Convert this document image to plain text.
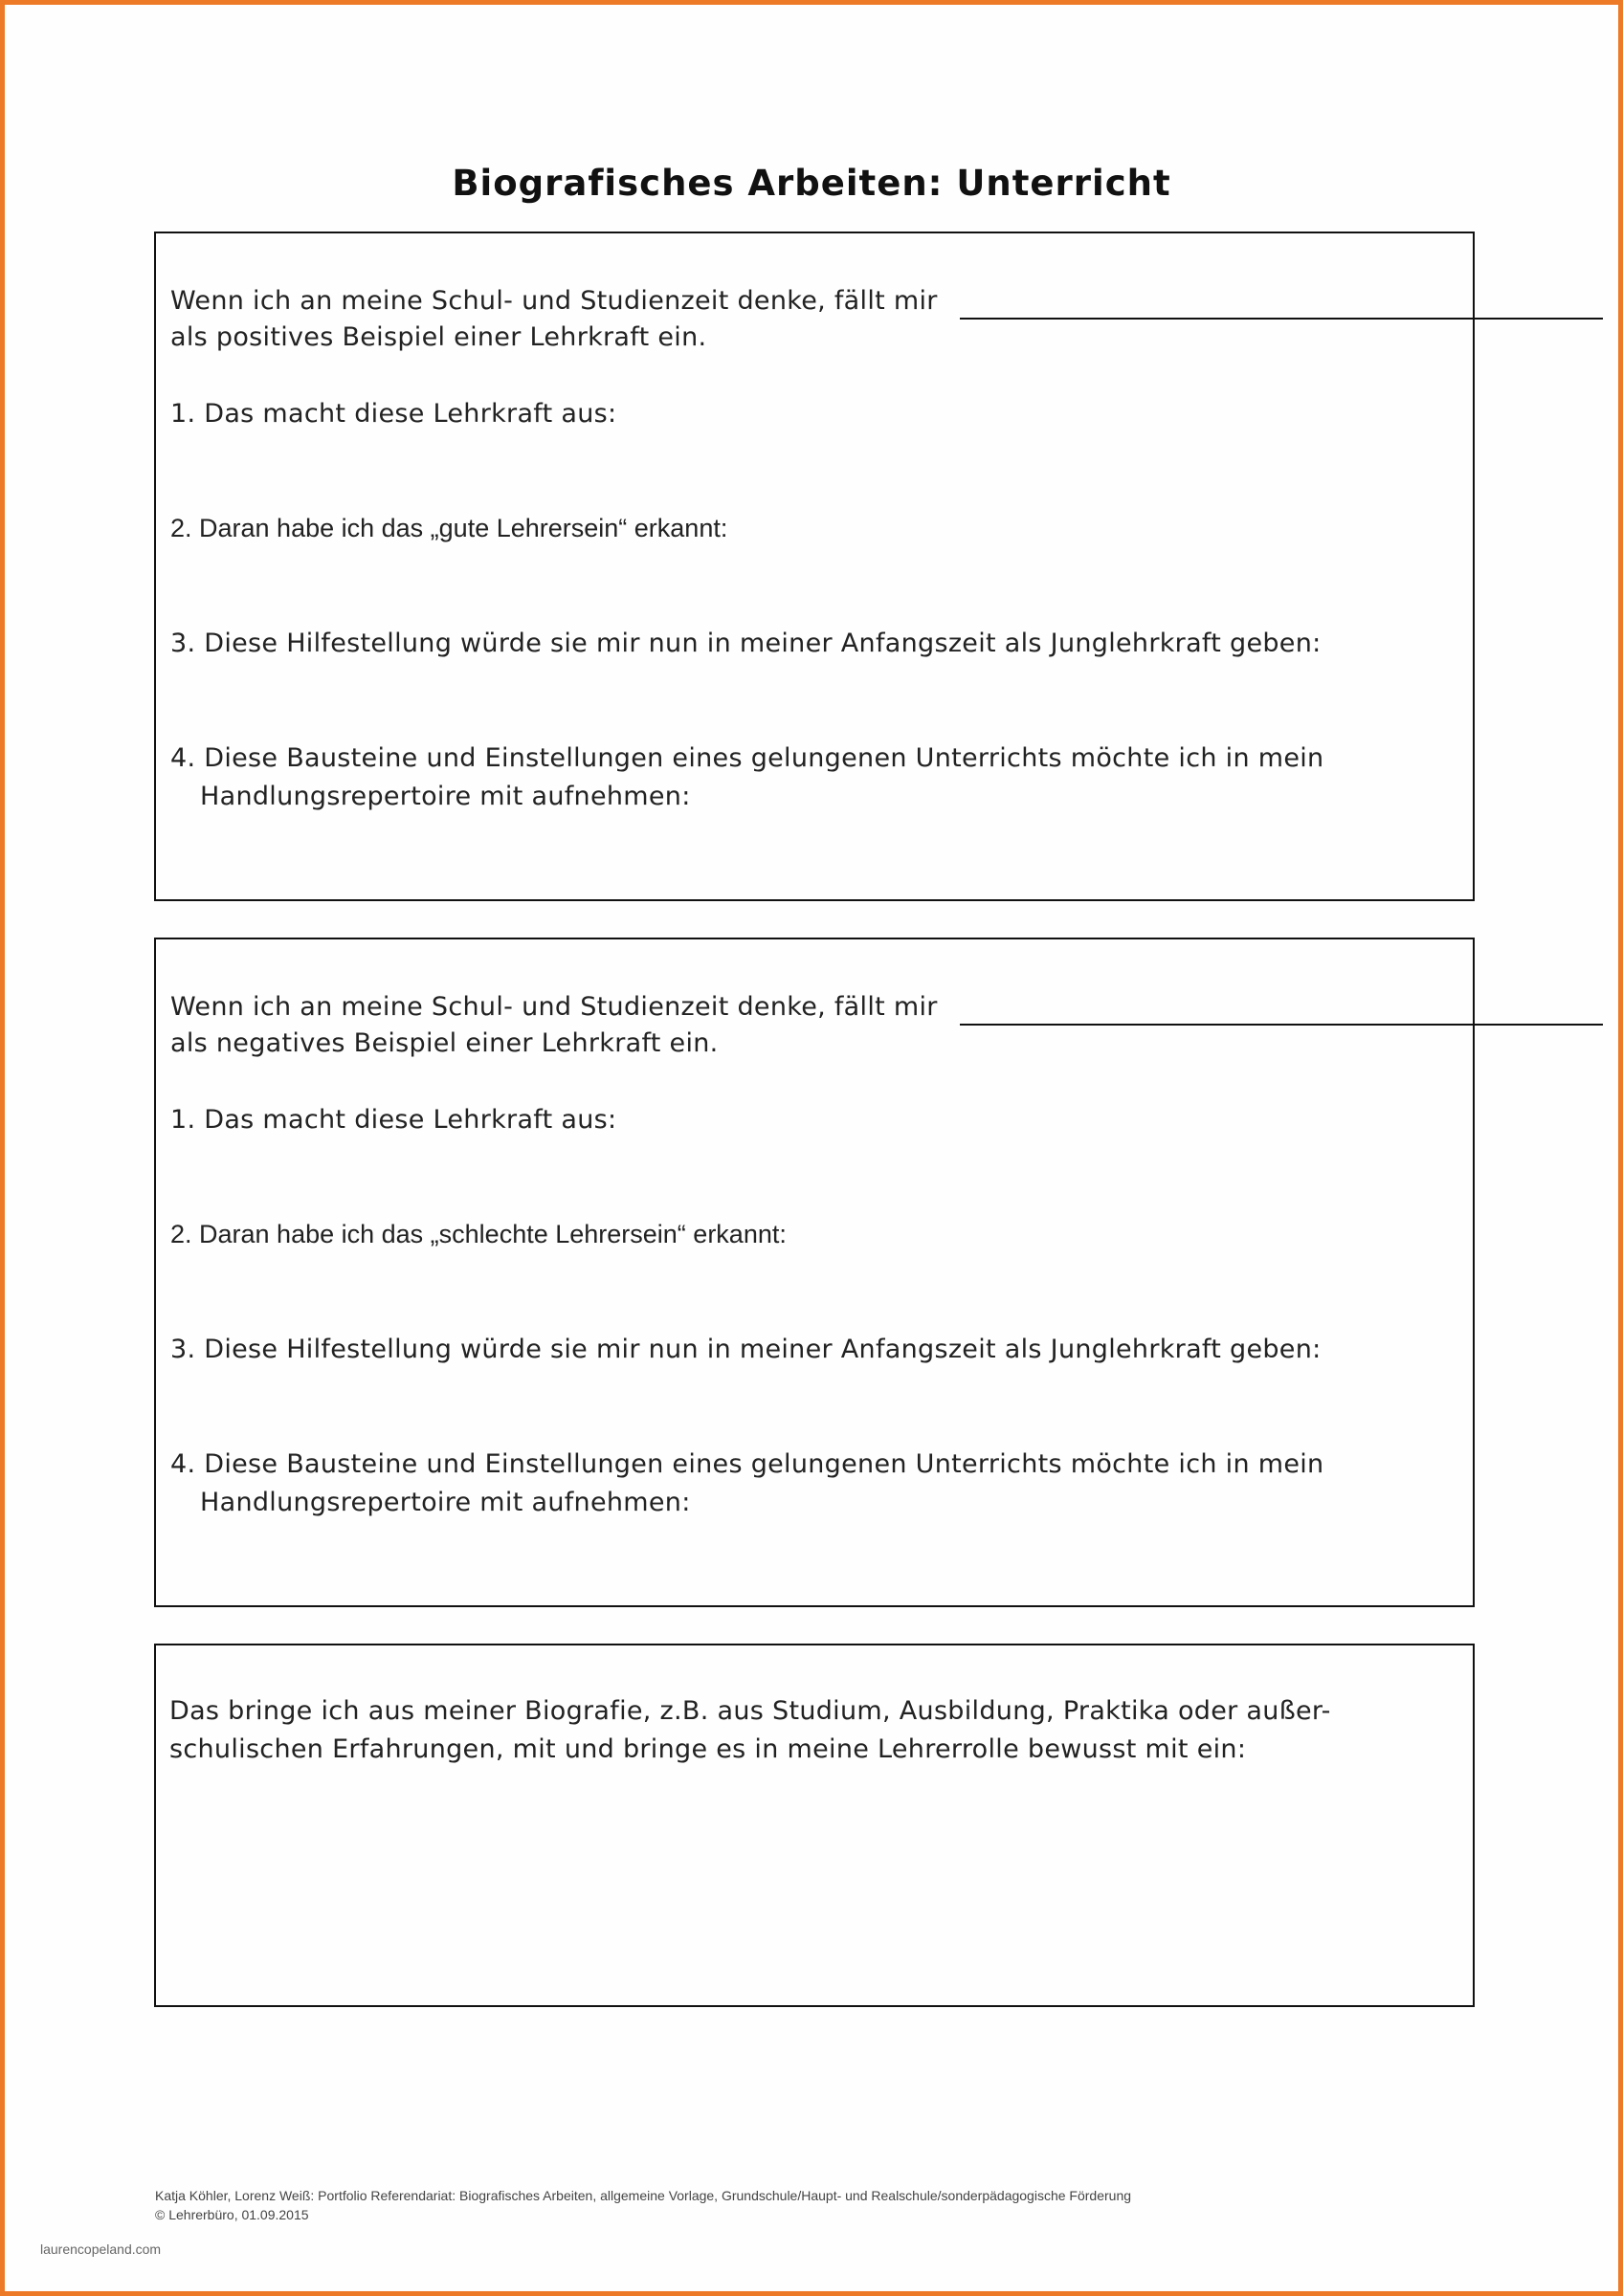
Biografisches Arbeiten: Unterricht
Wenn ich an meine Schul- und Studienzeit denke, fällt mir
als positives Beispiel einer Lehrkraft ein.
1. Das macht diese Lehrkraft aus:
2. Daran habe ich das „gute Lehrersein“ erkannt:
3. Diese Hilfestellung würde sie mir nun in meiner Anfangszeit als Junglehrkraft geben:
4. Diese Bausteine und Einstellungen eines gelungenen Unterrichts möchte ich in mein
Handlungsrepertoire mit aufnehmen:
Wenn ich an meine Schul- und Studienzeit denke, fällt mir
als negatives Beispiel einer Lehrkraft ein.
1. Das macht diese Lehrkraft aus:
2. Daran habe ich das „schlechte Lehrersein“ erkannt:
3. Diese Hilfestellung würde sie mir nun in meiner Anfangszeit als Junglehrkraft geben:
4. Diese Bausteine und Einstellungen eines gelungenen Unterrichts möchte ich in mein
Handlungsrepertoire mit aufnehmen:
Das bringe ich aus meiner Biografie, z.B. aus Studium, Ausbildung, Praktika oder außer-
schulischen Erfahrungen, mit und bringe es in meine Lehrerrolle bewusst mit ein:
Katja Köhler, Lorenz Weiß: Portfolio Referendariat: Biografisches Arbeiten, allgemeine Vorlage, Grundschule/Haupt- und Realschule/sonderpädagogische Förderung
© Lehrerbüro, 01.09.2015
laurencopeland.com
